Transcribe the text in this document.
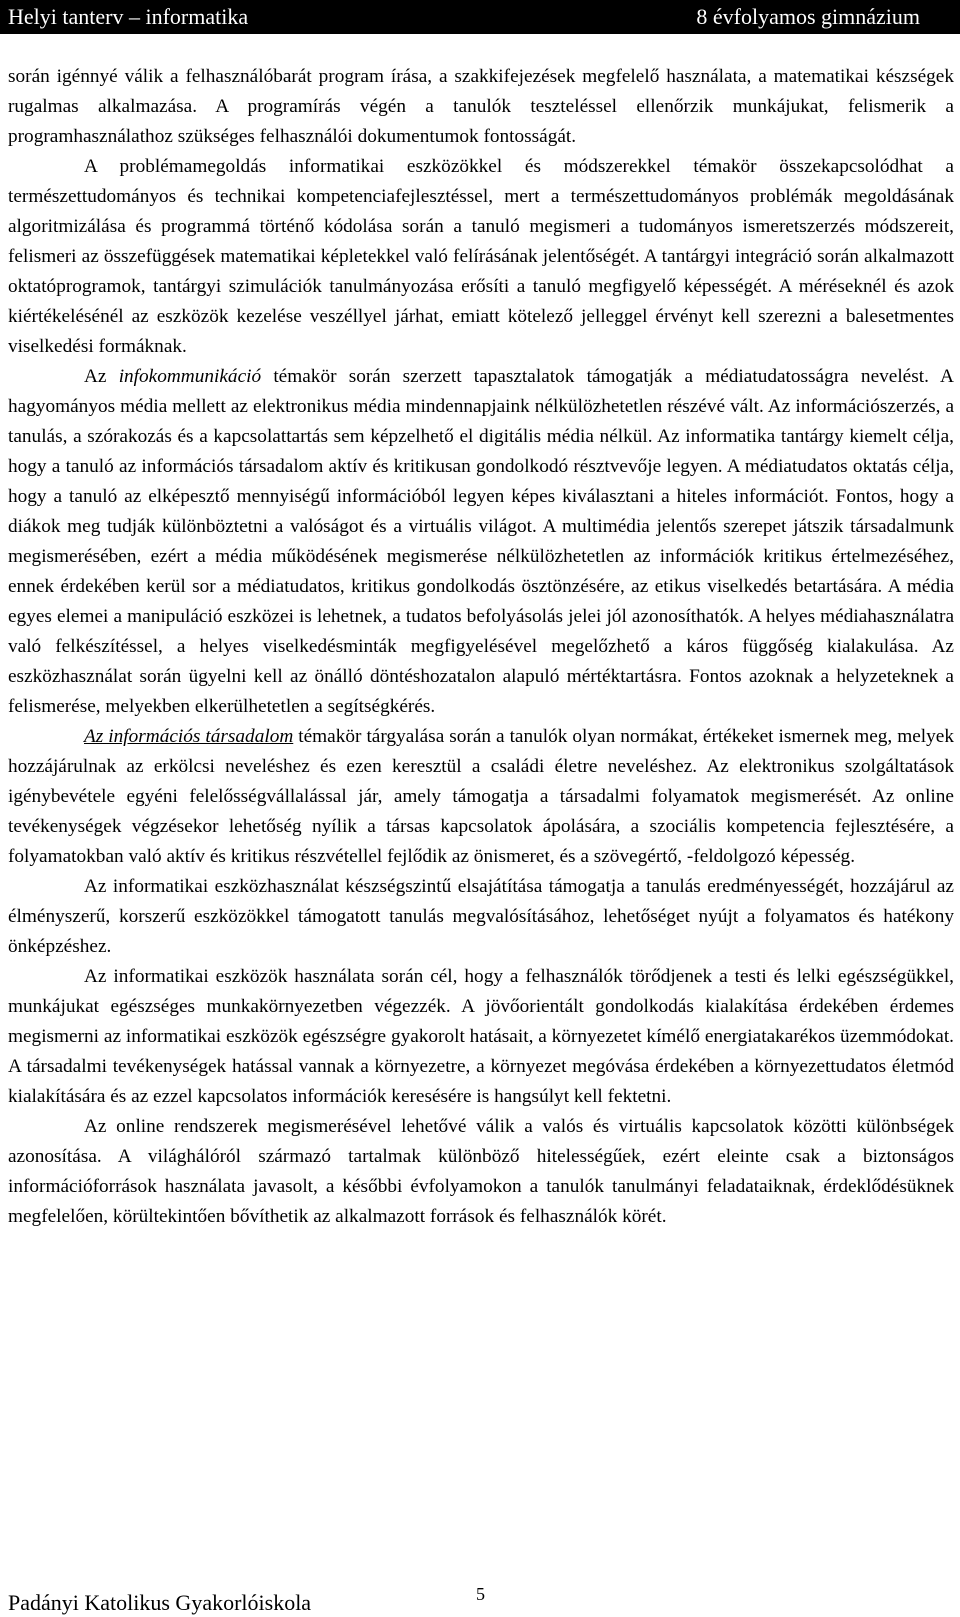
Helyi tanterv – informatika	8 évfolyamos gimnázium

során igénnyé válik a felhasználóbarát program írása, a szakkifejezések megfelelő használata, a matematikai készségek rugalmas alkalmazása. A programírás végén a tanulók teszteléssel ellenőrzik munkájukat, felismerik a programhasználathoz szükséges felhasználói dokumentumok fontosságát.

A problémamegoldás informatikai eszközökkel és módszerekkel témakör összekapcsolódhat a természettudományos és technikai kompetenciafejlesztéssel, mert a természettudományos problémák megoldásának algoritmizálása és programmá történő kódolása során a tanuló megismeri a tudományos ismeretszerzés módszereit, felismeri az összefüggések matematikai képletekkel való felírásának jelentőségét. A tantárgyi integráció során alkalmazott oktatóprogramok, tantárgyi szimulációk tanulmányozása erősíti a tanuló megfigyelő képességét. A méréseknél és azok kiértékelésénél az eszközök kezelése veszéllyel járhat, emiatt kötelező jelleggel érvényt kell szerezni a balesetmentes viselkedési formáknak.

Az infokommunikáció témakör során szerzett tapasztalatok támogatják a médiatudatosságra nevelést. A hagyományos média mellett az elektronikus média mindennapjaink nélkülözhetetlen részévé vált. Az információszerzés, a tanulás, a szórakozás és a kapcsolattartás sem képzelhető el digitális média nélkül. Az informatika tantárgy kiemelt célja, hogy a tanuló az információs társadalom aktív és kritikusan gondolkodó résztvevője legyen. A médiatudatos oktatás célja, hogy a tanuló az elképesztő mennyiségű információból legyen képes kiválasztani a hiteles információt. Fontos, hogy a diákok meg tudják különböztetni a valóságot és a virtuális világot. A multimédia jelentős szerepet játszik társadalmunk megismerésében, ezért a média működésének megismerése nélkülözhetetlen az információk kritikus értelmezéséhez, ennek érdekében kerül sor a médiatudatos, kritikus gondolkodás ösztönzésére, az etikus viselkedés betartására. A média egyes elemei a manipuláció eszközei is lehetnek, a tudatos befolyásolás jelei jól azonosíthatók. A helyes médiahasználatra való felkészítéssel, a helyes viselkedésminták megfigyelésével megelőzhető a káros függőség kialakulása. Az eszközhasználat során ügyelni kell az önálló döntéshozatalon alapuló mértéktartásra. Fontos azoknak a helyzeteknek a felismerése, melyekben elkerülhetetlen a segítségkérés.

Az információs társadalom témakör tárgyalása során a tanulók olyan normákat, értékeket ismernek meg, melyek hozzájárulnak az erkölcsi neveléshez és ezen keresztül a családi életre neveléshez. Az elektronikus szolgáltatások igénybevétele egyéni felelősségvállalással jár, amely támogatja a társadalmi folyamatok megismerését. Az online tevékenységek végzésekor lehetőség nyílik a társas kapcsolatok ápolására, a szociális kompetencia fejlesztésére, a folyamatokban való aktív és kritikus részvétellel fejlődik az önismeret, és a szövegértő, -feldolgozó képesség.

Az informatikai eszközhasználat készségszintű elsajátítása támogatja a tanulás eredményességét, hozzájárul az élményszerű, korszerű eszközökkel támogatott tanulás megvalósításához, lehetőséget nyújt a folyamatos és hatékony önképzéshez.

Az informatikai eszközök használata során cél, hogy a felhasználók törődjenek a testi és lelki egészségükkel, munkájukat egészséges munkakörnyezetben végezzék. A jövőorientált gondolkodás kialakítása érdekében érdemes megismerni az informatikai eszközök egészségre gyakorolt hatásait, a környezetet kímélő energiatakarékos üzemmódokat. A társadalmi tevékenységek hatással vannak a környezetre, a környezet megóvása érdekében a környezettudatos életmód kialakítására és az ezzel kapcsolatos információk keresésére is hangsúlyt kell fektetni.

Az online rendszerek megismerésével lehetővé válik a valós és virtuális kapcsolatok közötti különbségek azonosítása. A világhálóról származó tartalmak különböző hitelességűek, ezért eleinte csak a biztonságos információforrások használata javasolt, a későbbi évfolyamokon a tanulók tanulmányi feladataiknak, érdeklődésüknek megfelelően, körültekintően bővíthetik az alkalmazott források és felhasználók körét.

Padányi Katolikus Gyakorlóiskola	5
